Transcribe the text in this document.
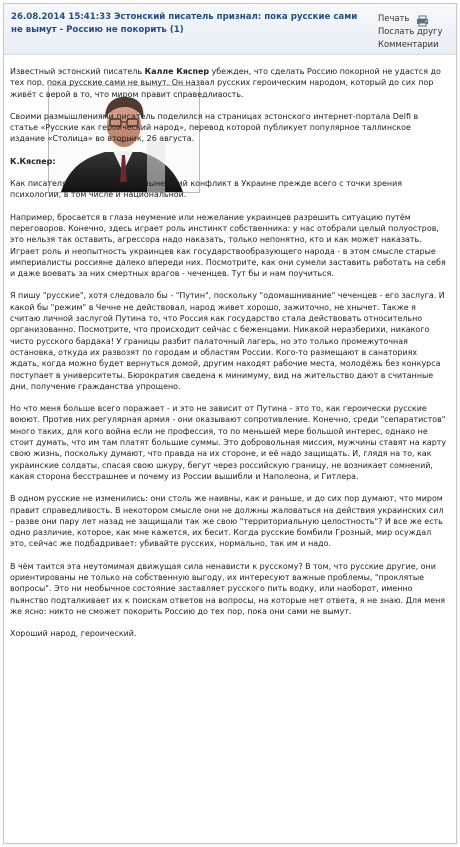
26.08.2014 15:41:33 Эстонский писатель признал: пока русские сами не вымут - Россию не покорить (1)
Печать
Послать другу
Комментарии

Известный эстонский писатель Калле Кяспер убежден, что сделать Россию покорной не удастся до тех пор, пока русские сами не вымут. Он назвал русских героическим народом, который до сих пор живёт с верой в то, что миром правит справедливость.

Своими размышлениями писатель поделился на страницах эстонского интернет-портала Delfi в статье «Русские как героический народ», перевод которой публикует популярное таллинское издание «Столица» во вторник, 26 августа.

К.Кяспер:

Как писателя меня интересует нынешний конфликт в Украине прежде всего с точки зрения психологии, в том числе и национальной.

Например, бросается в глаза неумение или нежелание украинцев разрешить ситуацию путём переговоров. Конечно, здесь играет роль инстинкт собственника: у нас отобрали целый полуостров, это нельзя так оставить, агрессора надо наказать, только непонятно, кто и как может наказать. Играет роль и неопытность украинцев как государствообразующего народа - в этом смысле старые империалисты россияне далеко впереди них. Посмотрите, как они сумели заставить работать на себя и даже воевать за них смертных врагов - чеченцев. Тут бы и нам поучиться.

Я пишу "русские", хотя следовало бы - "Путин", поскольку "одомашнивание" чеченцев - его заслуга. И какой бы "режим" в Чечне не действовал, народ живет хорошо, зажиточно, не хнычет. Также я считаю личной заслугой Путина то, что Россия как государство стала действовать относительно организованно. Посмотрите, что происходит сейчас с беженцами. Никакой неразберихи, никакого чисто русского бардака! У границы разбит палаточный лагерь, но это только промежуточная остановка, откуда их развозят по городам и областям России. Кого-то размещают в санаториях ждать, когда можно будет вернуться домой, другим находят рабочие места, молодёжь без конкурса поступает в университеты. Бюрократия сведена к минимуму, вид на жительство дают в считанные дни, получение гражданства упрощено.

Но что меня больше всего поражает - и это не зависит от Путина - это то, как героически русские воюют. Против них регулярная армия - они оказывают сопротивление. Конечно, среди "сепаратистов" много таких, для кого война если не профессия, то по меньшей мере большой интерес, однако не стоит думать, что им там платят большие суммы. Это добровольная миссия, мужчины ставят на карту свою жизнь, поскольку думают, что правда на их стороне, и её надо защищать. И, глядя на то, как украинские солдаты, спасая свою шкуру, бегут через российскую границу, не возникает сомнений, какая сторона бесстрашнее и почему из России вышибли и Наполеона, и Гитлера.

В одном русские не изменились: они столь же наивны, как и раньше, и до сих пор думают, что миром правит справедливость. В некотором смысле они не должны жаловаться на действия украинских сил - разве они пару лет назад не защищали так же свою "территориальную целостность"? И все же есть одно различие, которое, как мне кажется, их бесит. Когда русские бомбили Грозный, мир осуждал это, сейчас же подбадривает: убивайте русских, нормально, так им и надо.

В чём таится эта неутомимая движущая сила ненависти к русскому? В том, что русские другие, они ориентированы не только на собственную выгоду, их интересуют важные проблемы, "проклятые вопросы". Это ни необычное состояние заставляет русского пить водку, или наоборот, именно пьянство подталкивает их к поискам ответов на вопросы, на которые нет ответа, я не знаю. Для меня же ясно: никто не сможет покорить Россию до тех пор, пока они сами не вымут.

Хороший народ, героический.
